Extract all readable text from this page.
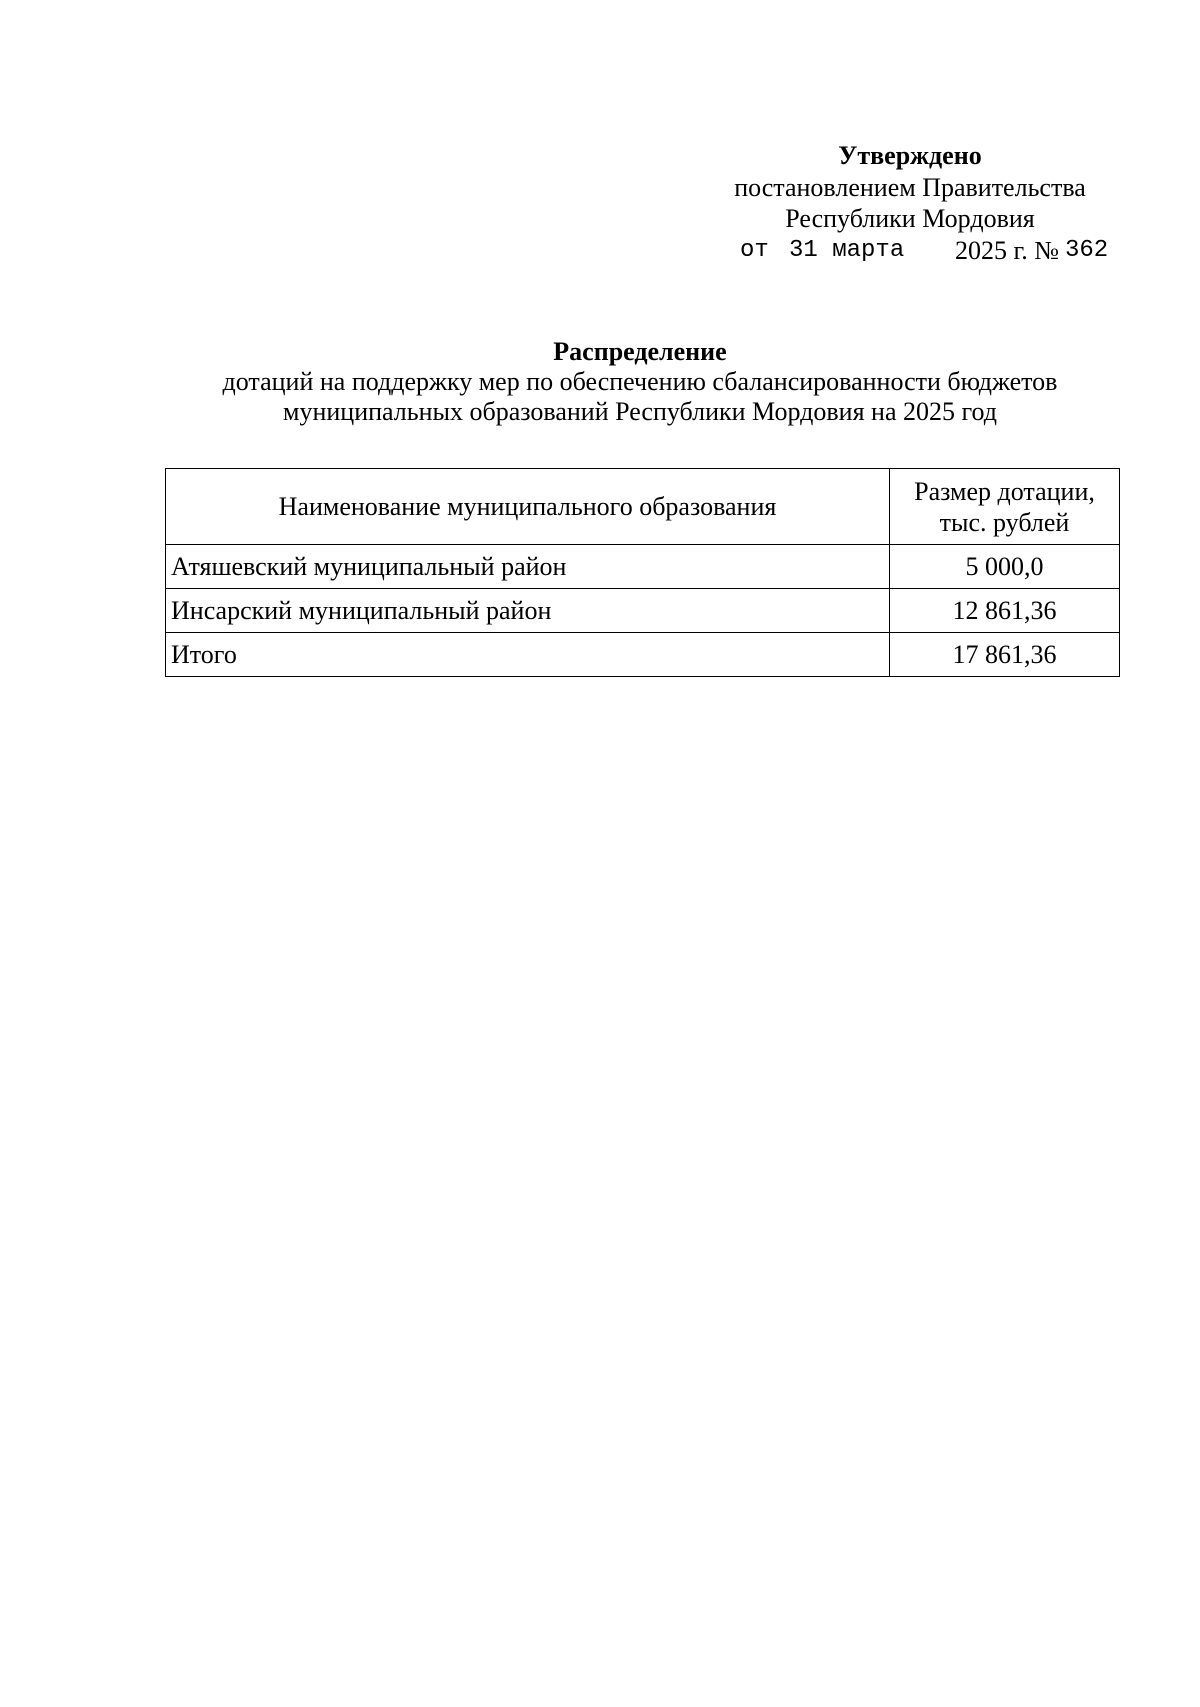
Утверждено
постановлением Правительства
Республики Мордовия
от 31 марта 2025 г. № 362
Распределение
дотаций на поддержку мер по обеспечению сбалансированности бюджетов
муниципальных образований Республики Мордовия на 2025 год
Наименование муниципального образования	Размер дотации,
тыс. рублей

Атяшевский муниципальный район	5 000,0
Инсарский муниципальный район	12 861,36
Итого	17 861,36
